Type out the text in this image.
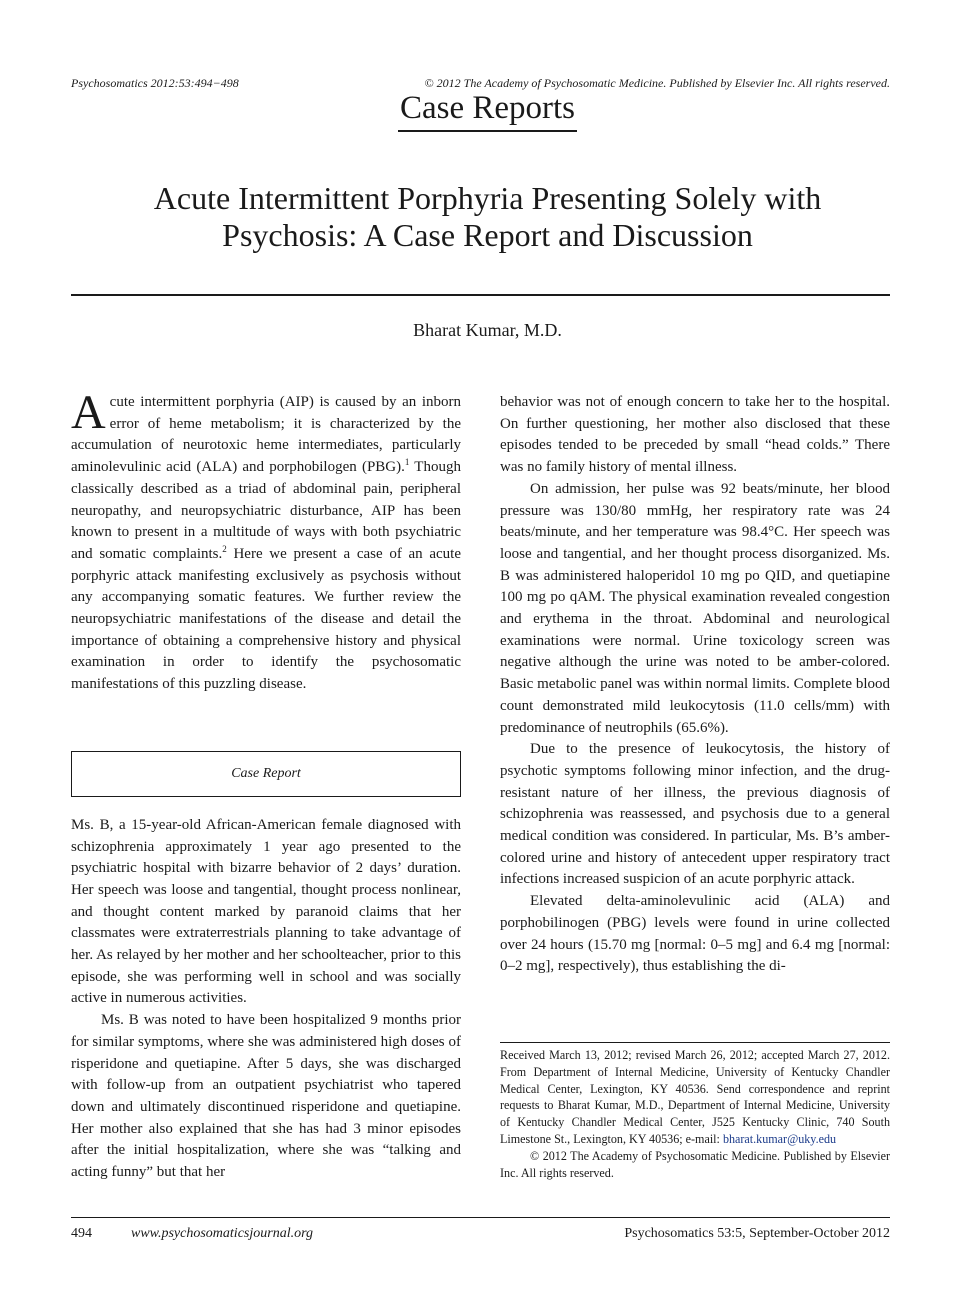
Psychosomatics 2012:53:494−498	© 2012 The Academy of Psychosomatic Medicine. Published by Elsevier Inc. All rights reserved.
Case Reports
Acute Intermittent Porphyria Presenting Solely with Psychosis: A Case Report and Discussion
Bharat Kumar, M.D.

Acute intermittent porphyria (AIP) is caused by an inborn error of heme metabolism; it is characterized by the accumulation of neurotoxic heme intermediates, particularly aminolevulinic acid (ALA) and porphobilogen (PBG).$^1$ Though classically described as a triad of abdominal pain, peripheral neuropathy, and neuropsychiatric disturbance, AIP has been known to present in a multitude of ways with both psychiatric and somatic complaints.$^2$ Here we present a case of an acute porphyric attack manifesting exclusively as psychosis without any accompanying somatic features. We further review the neuropsychiatric manifestations of the disease and detail the importance of obtaining a comprehensive history and physical examination in order to identify the psychosomatic manifestations of this puzzling disease.

Case Report

Ms. B, a 15-year-old African-American female diagnosed with schizophrenia approximately 1 year ago presented to the psychiatric hospital with bizarre behavior of 2 days’ duration. Her speech was loose and tangential, thought process nonlinear, and thought content marked by paranoid claims that her classmates were extraterrestrials planning to take advantage of her. As relayed by her mother and her schoolteacher, prior to this episode, she was performing well in school and was socially active in numerous activities.

Ms. B was noted to have been hospitalized 9 months prior for similar symptoms, where she was administered high doses of risperidone and quetiapine. After 5 days, she was discharged with follow-up from an outpatient psychiatrist who tapered down and ultimately discontinued risperidone and quetiapine. Her mother also explained that she has had 3 minor episodes after the initial hospitalization, where she was “talking and acting funny” but that her

behavior was not of enough concern to take her to the hospital. On further questioning, her mother also disclosed that these episodes tended to be preceded by small “head colds.” There was no family history of mental illness.

On admission, her pulse was 92 beats/minute, her blood pressure was 130/80 mmHg, her respiratory rate was 24 beats/minute, and her temperature was 98.4°C. Her speech was loose and tangential, and her thought process disorganized. Ms. B was administered haloperidol 10 mg po QID, and quetiapine 100 mg po qAM. The physical examination revealed congestion and erythema in the throat. Abdominal and neurological examinations were normal. Urine toxicology screen was negative although the urine was noted to be amber-colored. Basic metabolic panel was within normal limits. Complete blood count demonstrated mild leukocytosis (11.0 cells/mm) with predominance of neutrophils (65.6%).

Due to the presence of leukocytosis, the history of psychotic symptoms following minor infection, and the drug-resistant nature of her illness, the previous diagnosis of schizophrenia was reassessed, and psychosis due to a general medical condition was considered. In particular, Ms. B’s amber-colored urine and history of antecedent upper respiratory tract infections increased suspicion of an acute porphyric attack.

Elevated delta-aminolevulinic acid (ALA) and porphobilinogen (PBG) levels were found in urine collected over 24 hours (15.70 mg [normal: 0–5 mg] and 6.4 mg [normal: 0–2 mg], respectively), thus establishing the di-

Received March 13, 2012; revised March 26, 2012; accepted March 27, 2012. From Department of Internal Medicine, University of Kentucky Chandler Medical Center, Lexington, KY 40536. Send correspondence and reprint requests to Bharat Kumar, M.D., Department of Internal Medicine, University of Kentucky Chandler Medical Center, J525 Kentucky Clinic, 740 South Limestone St., Lexington, KY 40536; e-mail: bharat.kumar@uky.edu

© 2012 The Academy of Psychosomatic Medicine. Published by Elsevier Inc. All rights reserved.

494	www.psychosomaticsjournal.org	Psychosomatics 53:5, September-October 2012
